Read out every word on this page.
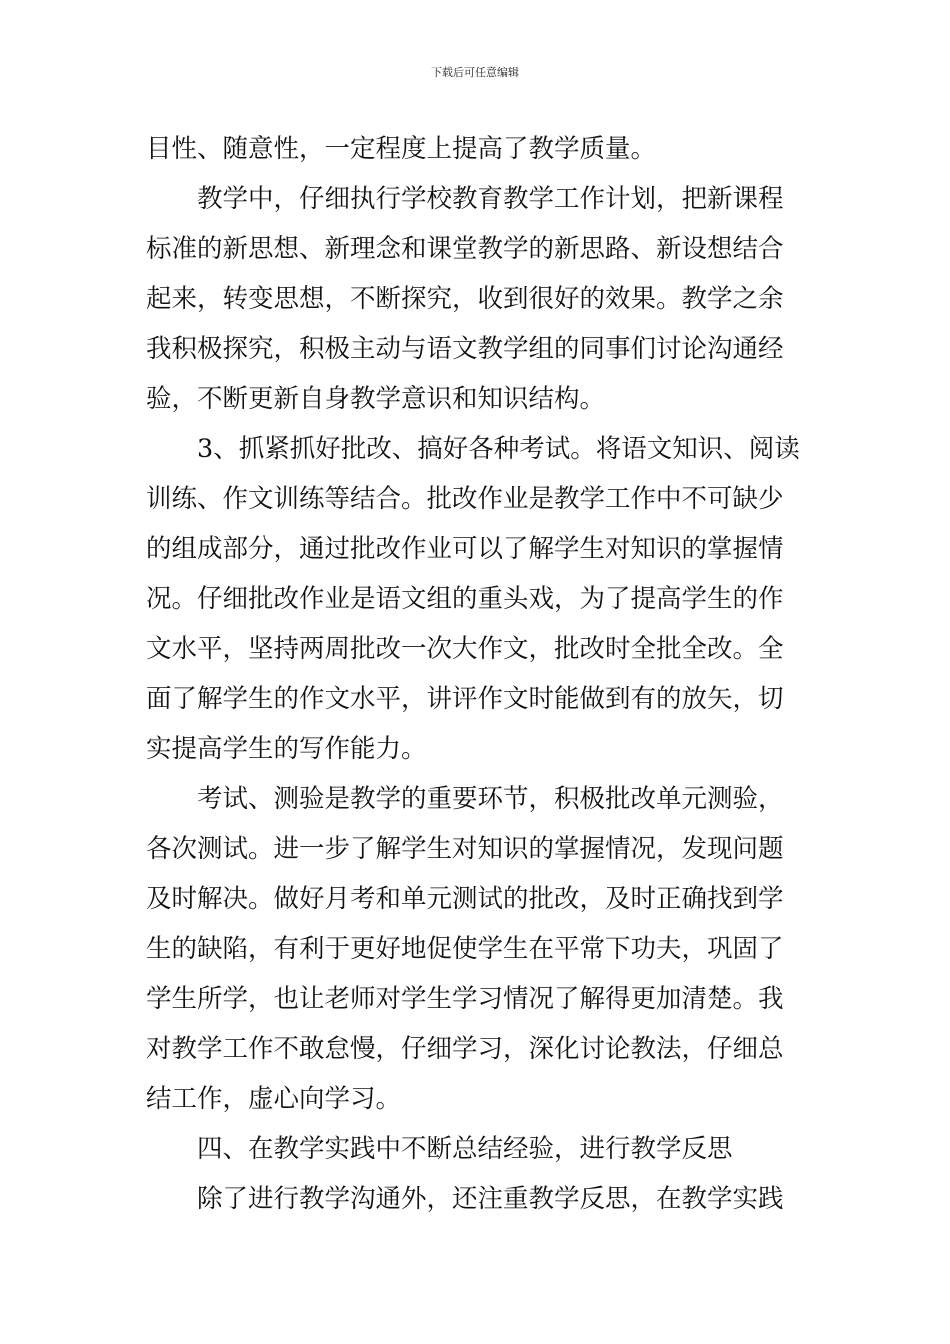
下载后可任意编辑
目性、随意性，一定程度上提高了教学质量。
教学中，仔细执行学校教育教学工作计划，把新课程
标准的新思想、新理念和课堂教学的新思路、新设想结合
起来，转变思想，不断探究，收到很好的效果。教学之余
我积极探究，积极主动与语文教学组的同事们讨论沟通经
验，不断更新自身教学意识和知识结构。
3、抓紧抓好批改、搞好各种考试。将语文知识、阅读
训练、作文训练等结合。批改作业是教学工作中不可缺少
的组成部分，通过批改作业可以了解学生对知识的掌握情
况。仔细批改作业是语文组的重头戏，为了提高学生的作
文水平，坚持两周批改一次大作文，批改时全批全改。全
面了解学生的作文水平，讲评作文时能做到有的放矢，切
实提高学生的写作能力。
考试、测验是教学的重要环节，积极批改单元测验，
各次测试。进一步了解学生对知识的掌握情况，发现问题
及时解决。做好月考和单元测试的批改，及时正确找到学
生的缺陷，有利于更好地促使学生在平常下功夫，巩固了
学生所学，也让老师对学生学习情况了解得更加清楚。我
对教学工作不敢怠慢，仔细学习，深化讨论教法，仔细总
结工作，虚心向学习。
四、在教学实践中不断总结经验，进行教学反思
除了进行教学沟通外，还注重教学反思，在教学实践
